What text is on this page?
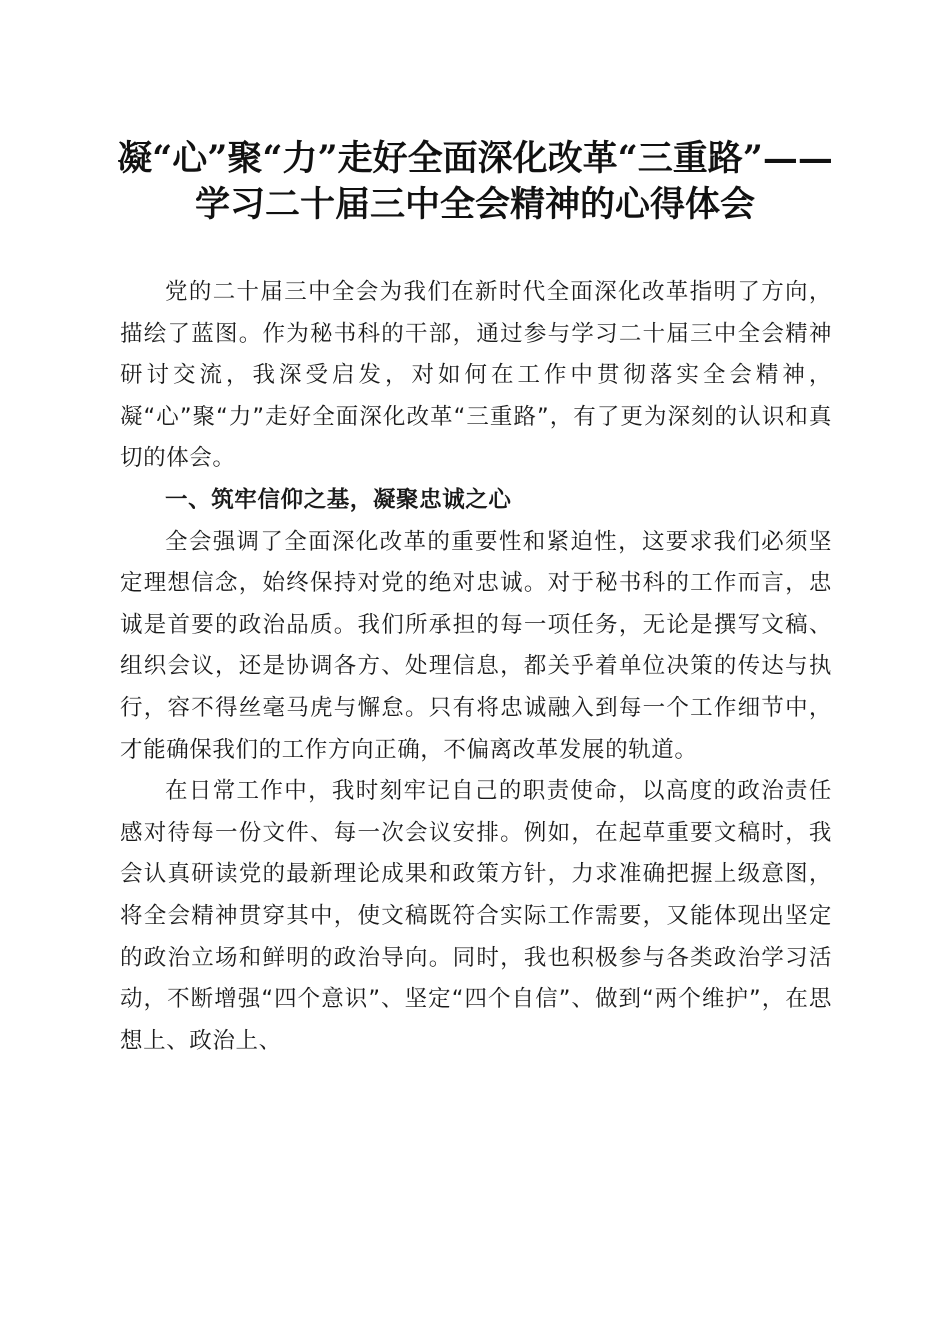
凝“心”聚“力”走好全面深化改革“三重路”——学习二十届三中全会精神的心得体会

党的二十届三中全会为我们在新时代全面深化改革指明了方向，描绘了蓝图。作为秘书科的干部，通过参与学习二十届三中全会精神研讨交流，我深受启发，对如何在工作中贯彻落实全会精神，凝“心”聚“力”走好全面深化改革“三重路”，有了更为深刻的认识和真切的体会。

一、筑牢信仰之基，凝聚忠诚之心

全会强调了全面深化改革的重要性和紧迫性，这要求我们必须坚定理想信念，始终保持对党的绝对忠诚。对于秘书科的工作而言，忠诚是首要的政治品质。我们所承担的每一项任务，无论是撰写文稿、组织会议，还是协调各方、处理信息，都关乎着单位决策的传达与执行，容不得丝毫马虎与懈怠。只有将忠诚融入到每一个工作细节中，才能确保我们的工作方向正确，不偏离改革发展的轨道。

在日常工作中，我时刻牢记自己的职责使命，以高度的政治责任感对待每一份文件、每一次会议安排。例如，在起草重要文稿时，我会认真研读党的最新理论成果和政策方针，力求准确把握上级意图，将全会精神贯穿其中，使文稿既符合实际工作需要，又能体现出坚定的政治立场和鲜明的政治导向。同时，我也积极参与各类政治学习活动，不断增强“四个意识”、坚定“四个自信”、做到“两个维护”，在思想上、政治上、
